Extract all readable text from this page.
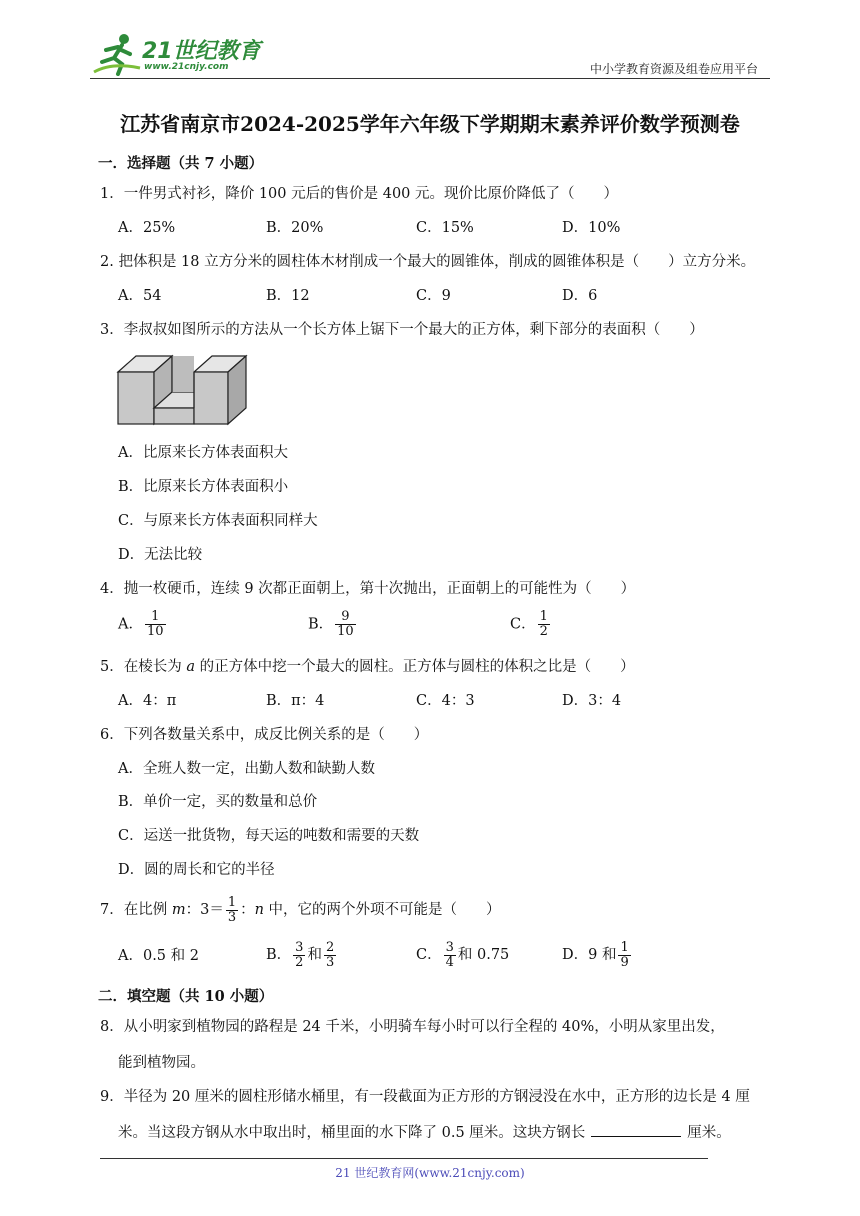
21世纪教育
www.21cnjy.com	中小学教育资源及组卷应用平台
江苏省南京市2024-2025学年六年级下学期期末素养评价数学预测卷
一．选择题（共 7 小题）
1．一件男式衬衫，降价 100 元后的售价是 400 元。现价比原价降低了（　　）
A．25%	B．20%	C．15%	D．10%
2. 把体积是 18 立方分米的圆柱体木材削成一个最大的圆锥体，削成的圆锥体积是（　　）立方分米。
A．54	B．12	C．9	D．6
3．李叔叔如图所示的方法从一个长方体上锯下一个最大的正方体，剩下部分的表面积（　　）
A．比原来长方体表面积大
B．比原来长方体表面积小
C．与原来长方体表面积同样大
D．无法比较
4．抛一枚硬币，连续 9 次都正面朝上，第十次抛出，正面朝上的可能性为（　　）
A． $\frac{1}{10}$	B． $\frac{9}{10}$	C． $\frac{1}{2}$
5．在棱长为 a 的正方体中挖一个最大的圆柱。正方体与圆柱的体积之比是（　　）
A．4：π	B．π：4	C．4：3	D．3：4
6．下列各数量关系中，成反比例关系的是（　　）
A．全班人数一定，出勤人数和缺勤人数
B．单价一定，买的数量和总价
C．运送一批货物，每天运的吨数和需要的天数
D．圆的周长和它的半径
7．在比例 m：$3= \frac{1}{3}$ ：n 中，它的两个外项不可能是（　　）
A．0.5 和 2	B． $\frac{3}{2}$ 和 $\frac{2}{3}$	C． $\frac{3}{4}$ 和 0.75	D．9 和 $\frac{1}{9}$
二．填空题（共 10 小题）
8．从小明家到植物园的路程是 24 千米，小明骑车每小时可以行全程的 40%，小明从家里出发，
能到植物园。
9．半径为 20 厘米的圆柱形储水桶里，有一段截面为正方形的方钢浸没在水中，正方形的边长是 4 厘
米。当这段方钢从水中取出时，桶里面的水下降了 0.5 厘米。这块方钢长	厘米。
21 世纪教育网(www.21cnjy.com)
